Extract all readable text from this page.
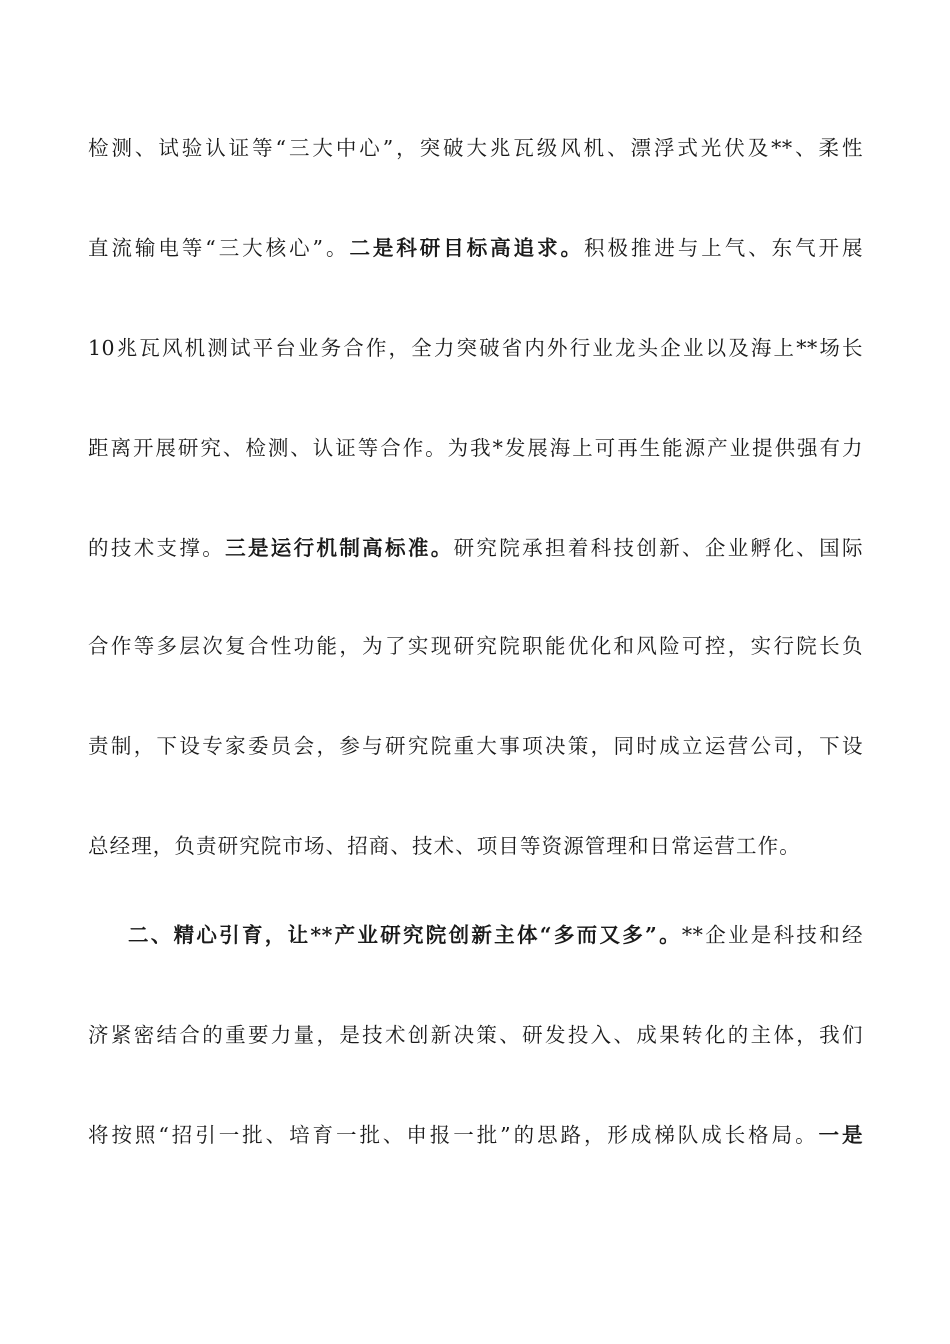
检测、试验认证等“三大中心”，突破大兆瓦级风机、漂浮式光伏及**、柔性
直流输电等“三大核心”。二是科研目标高追求。积极推进与上气、东气开展
10兆瓦风机测试平台业务合作，全力突破省内外行业龙头企业以及海上**场长
距离开展研究、检测、认证等合作。为我*发展海上可再生能源产业提供强有力
的技术支撑。三是运行机制高标准。研究院承担着科技创新、企业孵化、国际
合作等多层次复合性功能，为了实现研究院职能优化和风险可控，实行院长负
责制，下设专家委员会，参与研究院重大事项决策，同时成立运营公司，下设
总经理，负责研究院市场、招商、技术、项目等资源管理和日常运营工作。
二、精心引育，让**产业研究院创新主体“多而又多”。**企业是科技和经
济紧密结合的重要力量，是技术创新决策、研发投入、成果转化的主体，我们
将按照“招引一批、培育一批、申报一批”的思路，形成梯队成长格局。一是
